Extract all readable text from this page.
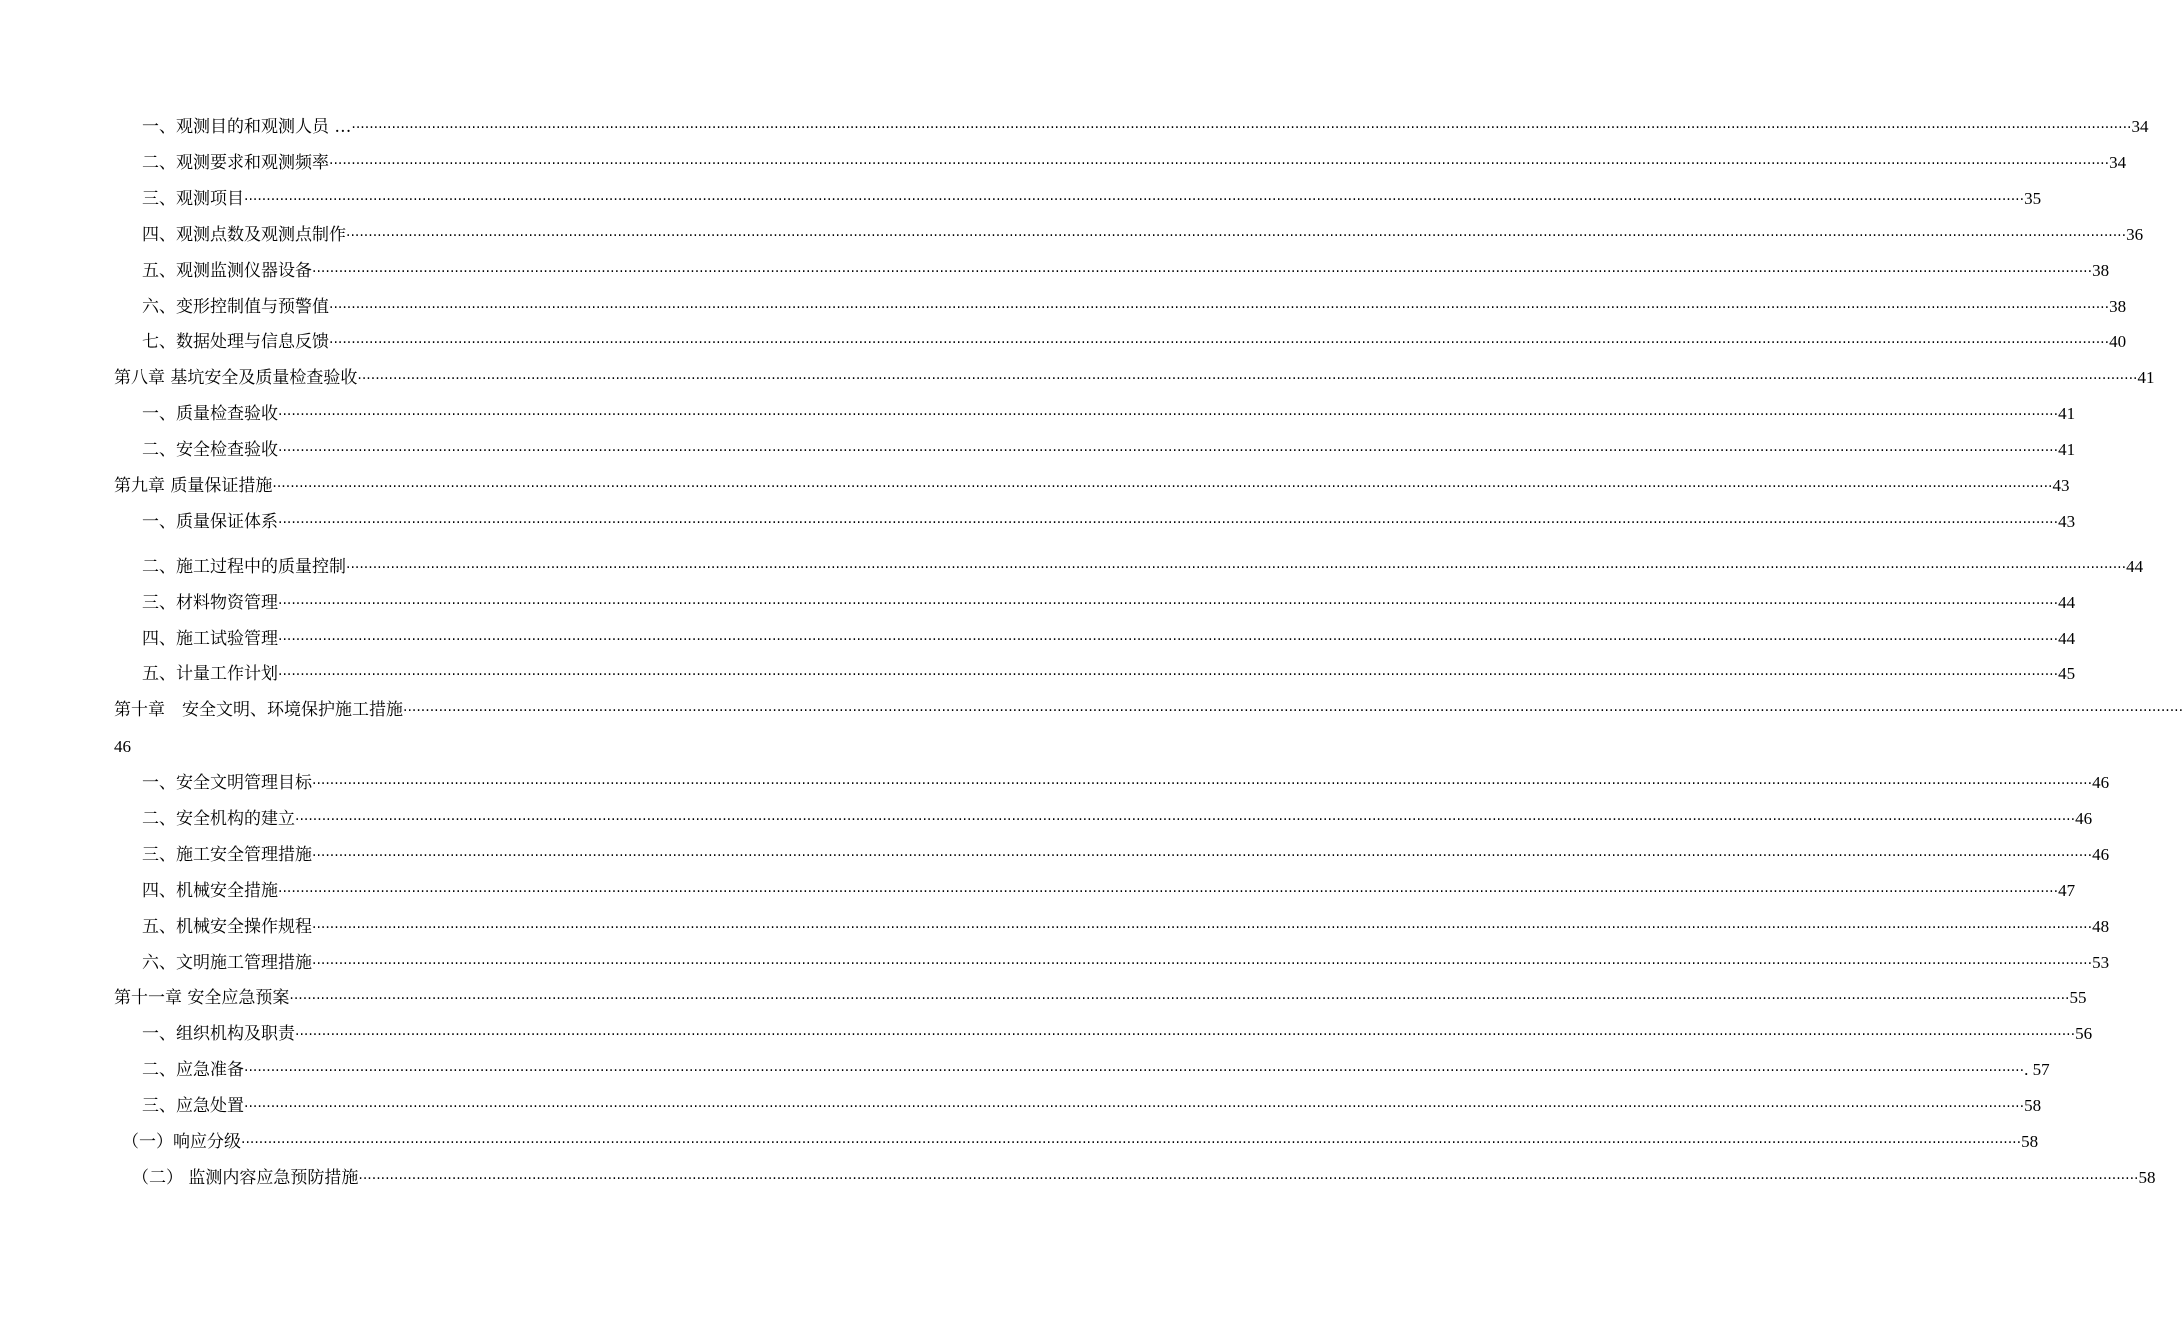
一、观测目的和观测人员 … ················································································································································································································································································································································································································ 34
二、观测要求和观测频率 ················································································································································································································································································································································································································ 34
三、观测项目 ················································································································································································································································································································································································································ 35
四、观测点数及观测点制作 ················································································································································································································································································································································································································ 36
五、观测监测仪器设备 ················································································································································································································································································································································································································ 38
六、变形控制值与预警值 ················································································································································································································································································································································································································ 38
七、数据处理与信息反馈 ················································································································································································································································································································································································································ 40
第八章 基坑安全及质量检查验收 ················································································································································································································································································································································································································ 41
一、质量检查验收 ················································································································································································································································································································································································································ 41
二、安全检查验收 ················································································································································································································································································································································································································ 41
第九章 质量保证措施 ················································································································································································································································································································································································································ 43
一、质量保证体系 ················································································································································································································································································································································································································ 43
二、施工过程中的质量控制 ················································································································································································································································································································································································································ 44
三、材料物资管理 ················································································································································································································································································································································································································ 44
四、施工试验管理 ················································································································································································································································································································································································································ 44
五、计量工作计划 ················································································································································································································································································································································································································ 45
第十章　安全文明、环境保护施工措施 ················································································································································································································································································································································································································
46
一、安全文明管理目标 ················································································································································································································································································································································································································ 46
二、安全机构的建立 ················································································································································································································································································································································································································ 46
三、施工安全管理措施 ················································································································································································································································································································································································································ 46
四、机械安全措施 ················································································································································································································································································································································································································ 47
五、机械安全操作规程 ················································································································································································································································································································································································································ 48
六、文明施工管理措施 ················································································································································································································································································································································································································ 53
第十一章 安全应急预案 ················································································································································································································································································································································································································ 55
一、组织机构及职责 ················································································································································································································································································································································································································ 56
二、应急准备 ················································································································································································································································································································································································································ . 57
三、应急处置 ················································································································································································································································································································································································································ 58
（一）响应分级 ················································································································································································································································································································································································································ 58
（二） 监测内容应急预防措施 ················································································································································································································································································································································································································ 58
